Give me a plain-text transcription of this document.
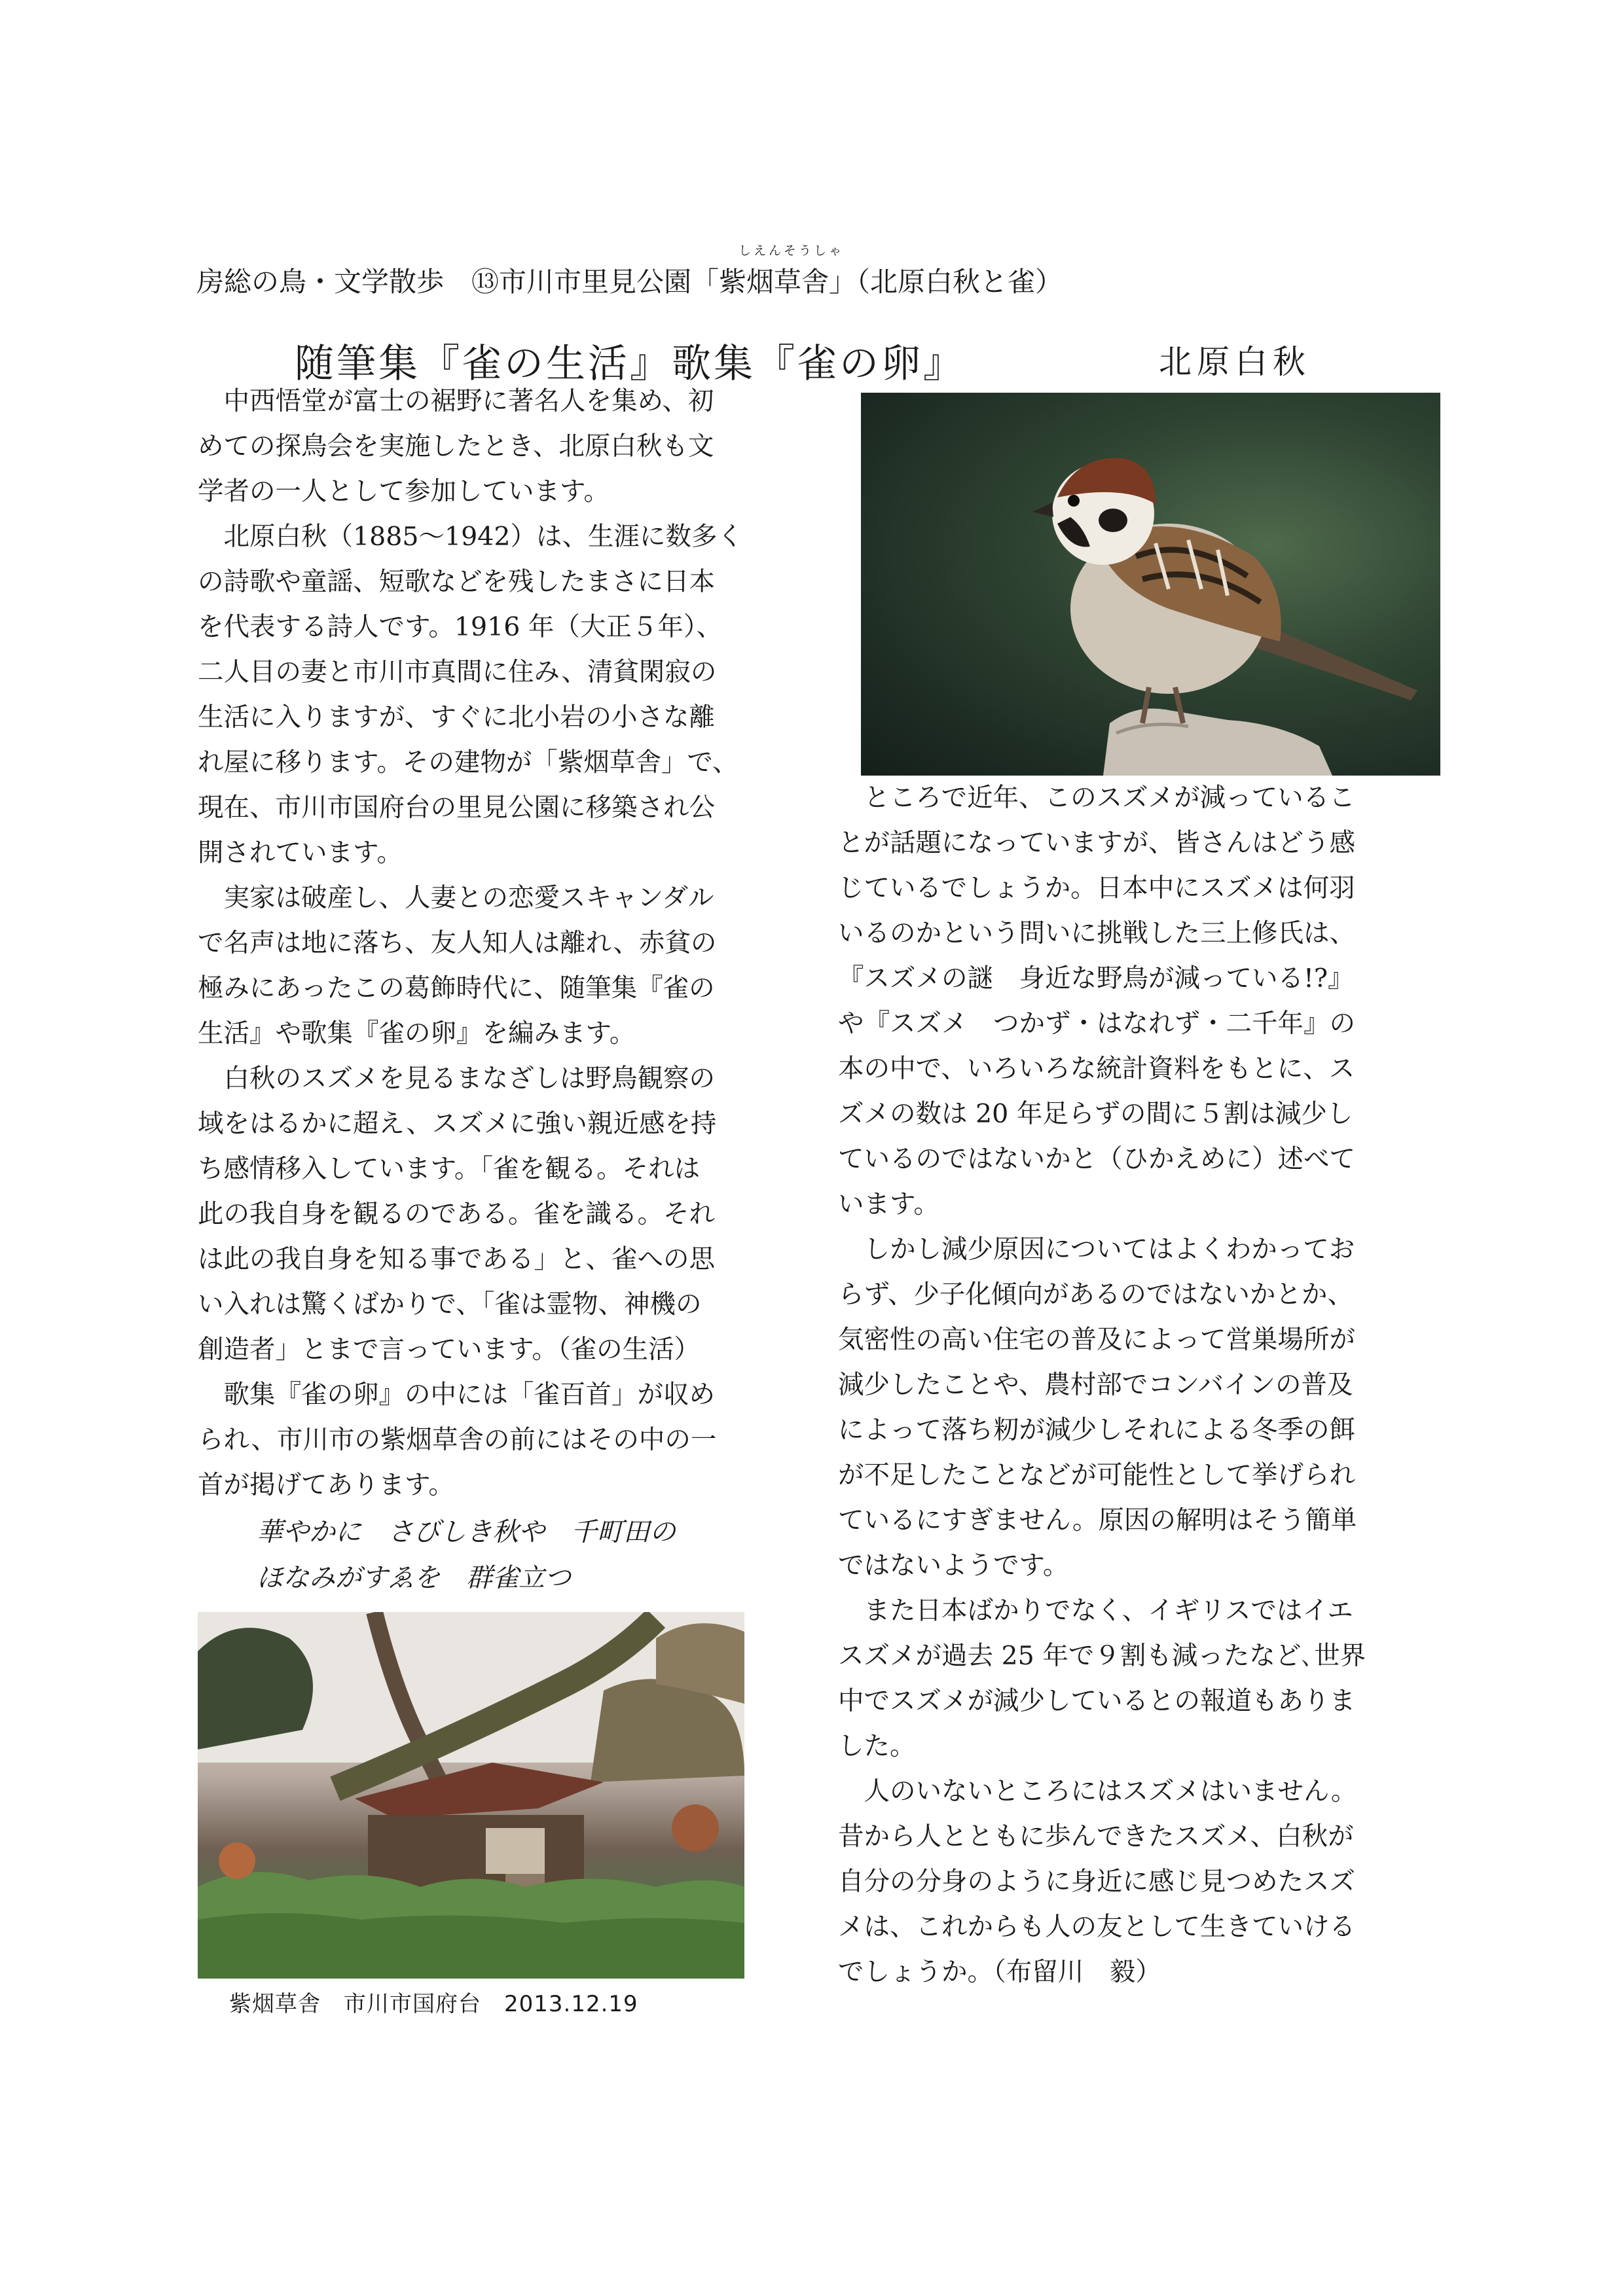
房総の鳥・文学散歩　⑬市川市里見公園「
しえんそうしゃ
紫烟草舎」（北原白秋と雀）
随筆集『雀の生活』歌集『雀の卵』	北原白秋
　中西悟堂が富士の裾野に著名人を集め、初
めての探鳥会を実施したとき、北原白秋も文
学者の一人として参加しています。
　北原白秋（1885〜1942）は、生涯に数多く
の詩歌や童謡、短歌などを残したまさに日本
を代表する詩人です。1916 年（大正５年）、
二人目の妻と市川市真間に住み、清貧閑寂の
生活に入りますが、すぐに北小岩の小さな離
れ屋に移ります。その建物が「紫烟草舎」で、
現在、市川市国府台の里見公園に移築され公
開されています。
　実家は破産し、人妻との恋愛スキャンダル
で名声は地に落ち、友人知人は離れ、赤貧の
極みにあったこの葛飾時代に、随筆集『雀の
生活』や歌集『雀の卵』を編みます。
　白秋のスズメを見るまなざしは野鳥観察の
域をはるかに超え、スズメに強い親近感を持
ち感情移入しています。「雀を観る。それは
此の我自身を観るのである。雀を識る。それ
は此の我自身を知る事である」と、雀への思
い入れは驚くばかりで、「雀は霊物、神機の
創造者」とまで言っています。（雀の生活）
　歌集『雀の卵』の中には「雀百首」が収め
られ、市川市の紫烟草舎の前にはその中の一
首が掲げてあります。
華やかに　さびしき秋や　千町田の
ほなみがすゑを　群雀立つ
　ところで近年、このスズメが減っているこ
とが話題になっていますが、皆さんはどう感
じているでしょうか。日本中にスズメは何羽
いるのかという問いに挑戦した三上修氏は、
『スズメの謎　身近な野鳥が減っている!?』
や『スズメ　つかず・はなれず・二千年』の
本の中で、いろいろな統計資料をもとに、ス
ズメの数は 20 年足らずの間に５割は減少し
ているのではないかと（ひかえめに）述べて
います。
　しかし減少原因についてはよくわかってお
らず、少子化傾向があるのではないかとか、
気密性の高い住宅の普及によって営巣場所が
減少したことや、農村部でコンバインの普及
によって落ち籾が減少しそれによる冬季の餌
が不足したことなどが可能性として挙げられ
ているにすぎません。原因の解明はそう簡単
ではないようです。
　また日本ばかりでなく、イギリスではイエ
スズメが過去 25 年で９割も減ったなど､世界
中でスズメが減少しているとの報道もありま
した。
　人のいないところにはスズメはいません。
昔から人とともに歩んできたスズメ、白秋が
自分の分身のように身近に感じ見つめたスズ
メは、これからも人の友として生きていける
でしょうか。（布留川　毅）
紫烟草舎　市川市国府台　2013.12.19
